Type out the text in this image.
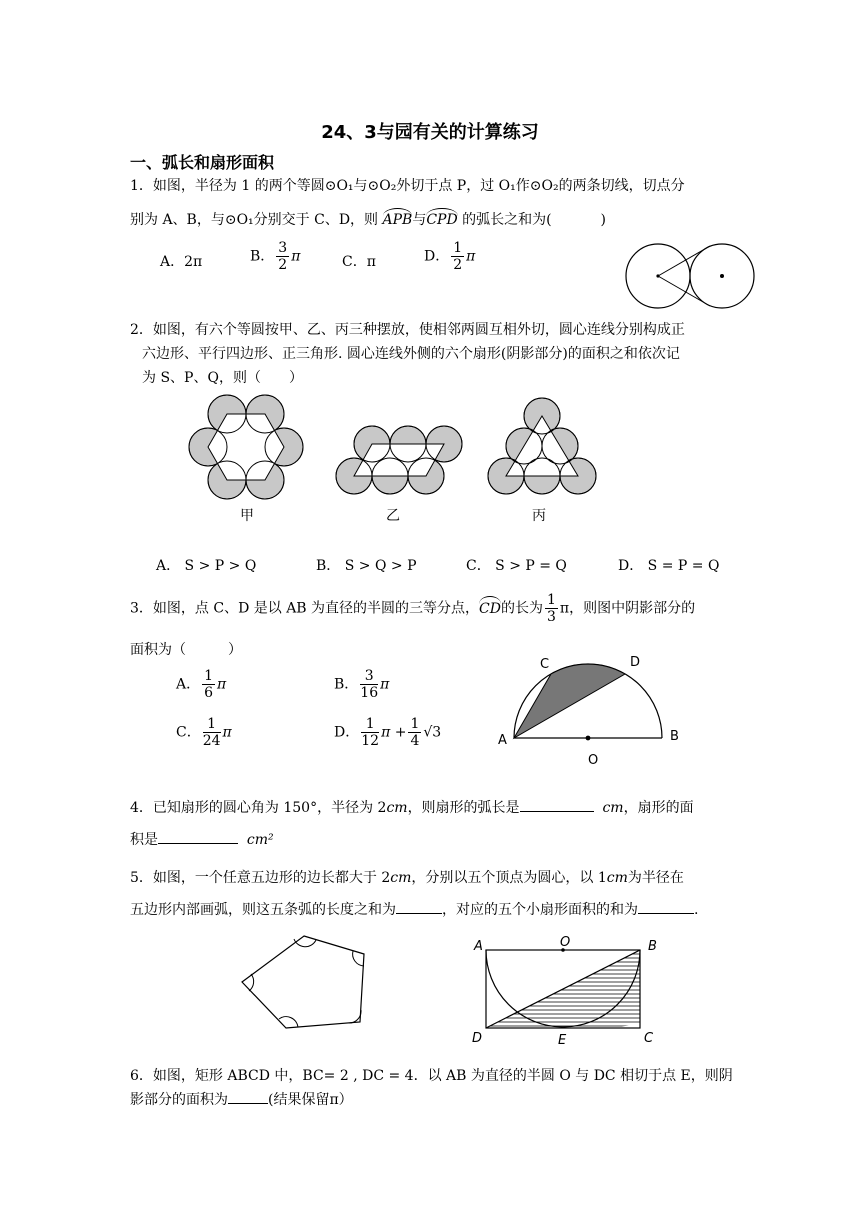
24、3与园有关的计算练习
一、弧长和扇形面积
1．如图，半径为 1 的两个等圆⊙O₁与⊙O₂外切于点 P，过 O₁作⊙O₂的两条切线，切点分
别为 A、B，与⊙O₁分别交于 C、D，则 APB与CPD 的弧长之和为(	)
A．2π	B． $\frac{3}{2}$ π	C．π	D． $\frac{1}{2}$ π
2．如图，有六个等圆按甲、乙、丙三种摆放，使相邻两圆互相外切，圆心连线分别构成正
六边形、平行四边形、正三角形. 圆心连线外侧的六个扇形(阴影部分)的面积之和依次记
为 S、P、Q，则（　　）
甲	乙	丙
A． S > P > Q	B． S > Q > P	C． S > P = Q	D． S = P = Q
3．如图，点 C、D 是以 AB 为直径的半圆的三等分点，CD的长为 $\frac{1}{3}$ π，则图中阴影部分的
面积为（　　　）
A． $\frac{1}{6}$ π	B． $\frac{3}{16}$ π
C． $\frac{1}{24}$ π	D． $\frac{1}{12}$ $\pi + \frac{1}{4} √3$
C	D
A	B
O
4．已知扇形的圆心角为 150°，半径为 2cm，则扇形的弧长是	cm，扇形的面
积是	cm²
5．如图，一个任意五边形的边长都大于 2cm，分别以五个顶点为圆心，以 1cm为半径在
五边形内部画弧，则这五条弧的长度之和为	，对应的五个小扇形面积的和为	.
A	O	B
D	E	C
6．如图，矩形 ABCD 中，BC= 2 , DC = 4．以 AB 为直径的半圆 O 与 DC 相切于点 E，则阴
影部分的面积为	(结果保留π）
